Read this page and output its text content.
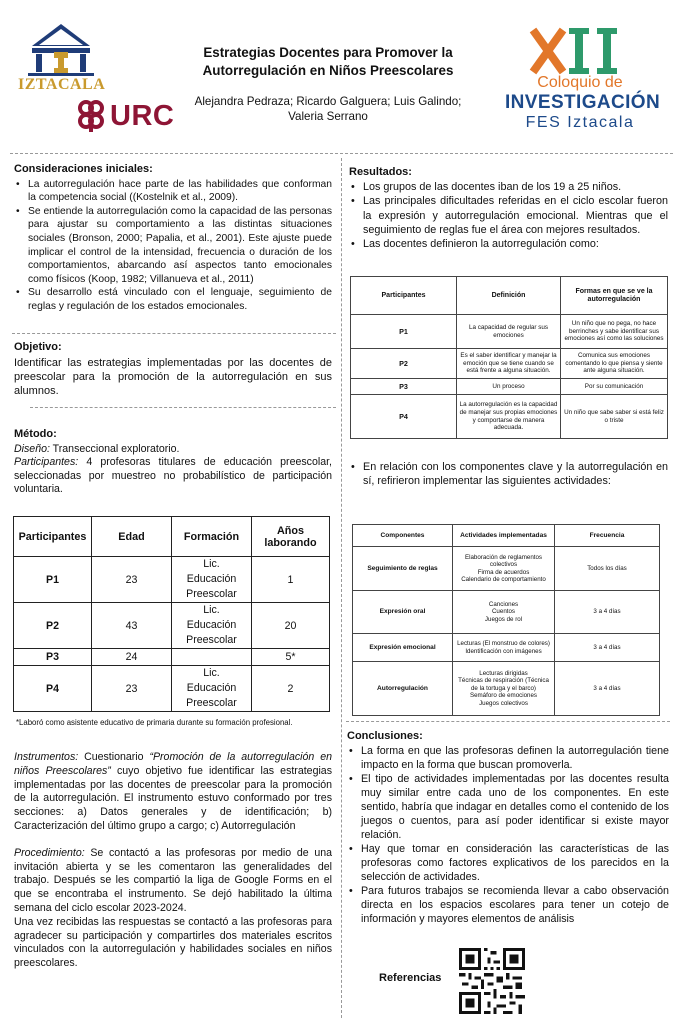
IZTACALA
URC
Estrategias Docentes para Promover la Autorregulación en Niños Preescolares
Alejandra Pedraza; Ricardo Galguera; Luis Galindo; Valeria Serrano
Coloquio de
INVESTIGACIÓN
FES Iztacala
Consideraciones iniciales:
• La autorregulación hace parte de las habilidades que conforman la competencia social ((Kostelnik et al., 2009).
• Se entiende la autorregulación como la capacidad de las personas para ajustar su comportamiento a las distintas situaciones sociales (Bronson, 2000; Papalia, et al., 2001). Este ajuste puede implicar el control de la intensidad, frecuencia o duración de los comportamientos, abarcando así aspectos tanto emocionales como físicos (Koop, 1982; Villanueva et al., 2011)
• Su desarrollo está vinculado con el lenguaje, seguimiento de reglas y regulación de los estados emocionales.
Objetivo:

Identificar las estrategias implementadas por las docentes de preescolar para la promoción de la autorregulación en sus alumnos.

Método:

Diseño: Transeccional exploratorio.

Participantes: 4 profesoras titulares de educación preescolar, seleccionadas por muestreo no probabilístico de participación voluntaria.

Participantes	Edad	Formación	Años laborando
P1	23	Lic. Educación Preescolar	1
P2	43	Lic. Educación Preescolar	20
P3	24		5*
P4	23	Lic. Educación Preescolar	2
*Laboró como asistente educativo de primaria durante su formación profesional.

Instrumentos: Cuestionario “Promoción de la autorregulación en niños Preescolares” cuyo objetivo fue identificar las estrategias implementadas por las docentes de preescolar para la promoción de la autorregulación. El instrumento estuvo conformado por tres secciones: a) Datos generales y de identificación; b) Caracterización del último grupo a cargo; c) Autorregulación

Procedimiento: Se contactó a las profesoras por medio de una invitación abierta y se les comentaron las generalidades del trabajo. Después se les compartió la liga de Google Forms en el que se encontraba el instrumento. Se dejó habilitado la última semana del ciclo escolar 2023-2024.

Una vez recibidas las respuestas se contactó a las profesoras para agradecer su participación y compartirles dos materiales escritos vinculados con la autorregulación y habilidades sociales en niños preescolares.

Resultados:
• Los grupos de las docentes iban de los 19 a 25 niños.
• Las principales dificultades referidas en el ciclo escolar fueron la expresión y autorregulación emocional. Mientras que el seguimiento de reglas fue el área con mejores resultados.
• Las docentes definieron la autorregulación como:
Participantes	Definición	Formas en que se ve la autorregulación
P1	La capacidad de regular sus emociones	Un niño que no pega, no hace berrinches y sabe identificar sus emociones así como las soluciones
P2	Es el saber identificar y manejar la emoción que se tiene cuando se está frente a alguna situación.	Comunica sus emociones comentando lo que piensa y siente ante alguna situación.
P3	Un proceso	Por su comunicación
P4	La autorregulación es la capacidad de manejar sus propias emociones y comportarse de manera adecuada.	Un niño que sabe saber si está feliz o triste
• En relación con los componentes clave y la autorregulación en sí, refirieron implementar las siguientes actividades:
Componentes	Actividades implementadas	Frecuencia
Seguimiento de reglas	Elaboración de reglamentos colectivos
Firma de acuerdos
Calendario de comportamiento	Todos los días
Expresión oral	Canciones
Cuentos
Juegos de rol	3 a 4 días
Expresión emocional	Lecturas (El monstruo de colores)
Identificación con imágenes	3 a 4 días
Autorregulación	Lecturas dirigidas
Técnicas de respiración (Técnica de la tortuga y el barco)
Semáforo de emociones
Juegos colectivos	3 a 4 días
Conclusiones:
• La forma en que las profesoras definen la autorregulación tiene impacto en la forma que buscan promoverla.
• El tipo de actividades implementadas por las docentes resulta muy similar entre cada uno de los componentes. En este sentido, habría que indagar en detalles como el contenido de los juegos o cuentos, para así poder identificar si existe mayor relación.
• Hay que tomar en consideración las características de las profesoras como factores explicativos de los parecidos en la selección de actividades.
• Para futuros trabajos se recomienda llevar a cabo observación directa en los espacios escolares para tener un cotejo de información y mayores elementos de análisis
Referencias
